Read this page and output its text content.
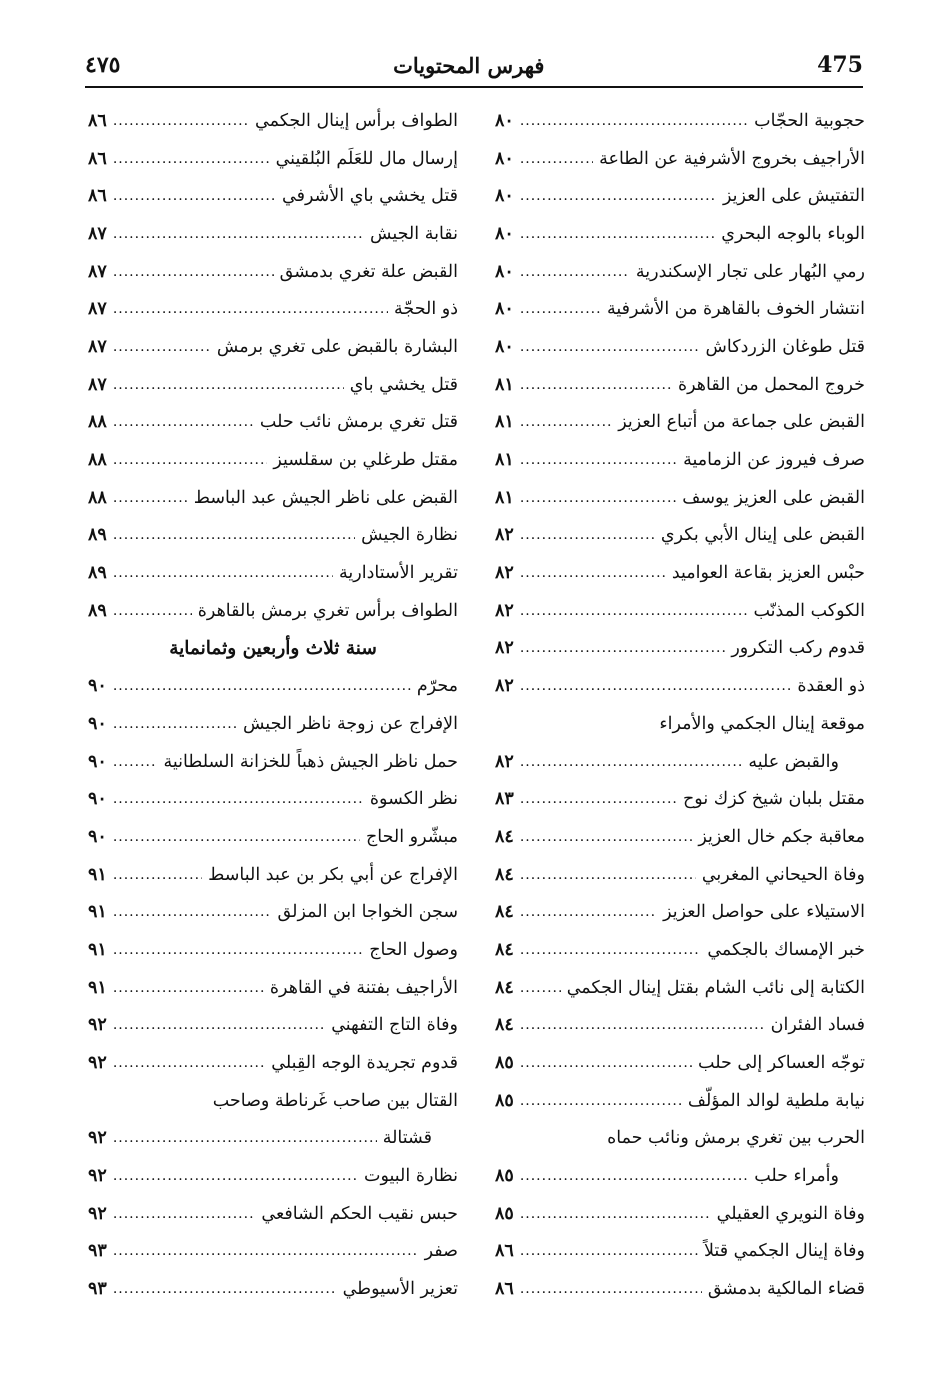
٤٧٥	فهرس المحتويات	475
حجوبية الحجّاب
.....
٨٠
الأراجيف بخروج الأشرفية عن الطاعة
.....
٨٠
التفتيش على العزيز
.....
٨٠
الوباء بالوجه البحري
.....
٨٠
رمي البُهار على تجار الإسكندرية
.....
٨٠
انتشار الخوف بالقاهرة من الأشرفية
.....
٨٠
قتل طوغان الزردكاش
.....
٨٠
خروج المحمل من القاهرة
.....
٨١
القبض على جماعة من أتباع العزيز
.....
٨١
صرف فيروز عن الزمامية
.....
٨١
القبض على العزيز يوسف
.....
٨١
القبض على إينال الأبي بكري
.....
٨٢
حبْس العزيز بقاعة العواميد
.....
٨٢
الكوكب المذنّب
.....
٨٢
قدوم ركب التكرور
.....
٨٢
ذو العقدة
.....
٨٢
موقعة إينال الجكمي والأمراء
والقبض عليه
.....
٨٢
مقتل بلبان شيخ كزك نوح
.....
٨٣
معاقبة جكم خال العزيز
.....
٨٤
وفاة الحيحاني المغربي
.....
٨٤
الاستيلاء على حواصل العزيز
.....
٨٤
خبر الإمساك بالجكمي
.....
٨٤
الكتابة إلى نائب الشام بقتل إينال الجكمي
.....
٨٤
فساد الفئران
.....
٨٤
توجّه العساكر إلى حلب
.....
٨٥
نيابة ملطية لوالد المؤلّف
.....
٨٥
الحرب بين تغري برمش ونائب حماه
وأمراء حلب
.....
٨٥
وفاة النويري العقيلي
.....
٨٥
وفاة إينال الجكمي قتلاً
.....
٨٦
قضاء المالكية بدمشق
.....
٨٦
الطواف برأس إينال الجكمي
.....
٨٦
إرسال مال للعَلَم البُلقيني
.....
٨٦
قتل يخشي باي الأشرفي
.....
٨٦
نقابة الجيش
.....
٨٧
القبض علة تغري بدمشق
.....
٨٧
ذو الحجّة
.....
٨٧
البشارة بالقبض على تغري برمش
.....
٨٧
قتل يخشي باي
.....
٨٧
قتل تغري برمش نائب حلب
.....
٨٨
مقتل طرغلي بن سقلسيز
.....
٨٨
القبض على ناظر الجيش عبد الباسط
.....
٨٨
نظارة الجيش
.....
٨٩
تقرير الأستادارية
.....
٨٩
الطواف برأس تغري برمش بالقاهرة
.....
٨٩
سنة ثلاث وأربعين وثمانماية
محرّم
.....
٩٠
الإفراج عن زوجة ناظر الجيش
.....
٩٠
حمل ناظر الجيش ذهباً للخزانة السلطانية
.....
٩٠
نظر الكسوة
.....
٩٠
مبشّرو الحاج
.....
٩٠
الإفراج عن أبي بكر بن عبد الباسط
.....
٩١
سجن الخواجا ابن المزلق
.....
٩١
وصول الحاج
.....
٩١
الأراجيف بفتنة في القاهرة
.....
٩١
وفاة التاج التفهني
.....
٩٢
قدوم تجريدة الوجه القِبلي
.....
٩٢
القتال بين صاحب غَرناطة وصاحب
قشتالة
.....
٩٢
نظارة البيوت
.....
٩٢
حبس نقيب الحكم الشافعي
.....
٩٢
صفر
.....
٩٣
تعزير الأسيوطي
.....
٩٣
